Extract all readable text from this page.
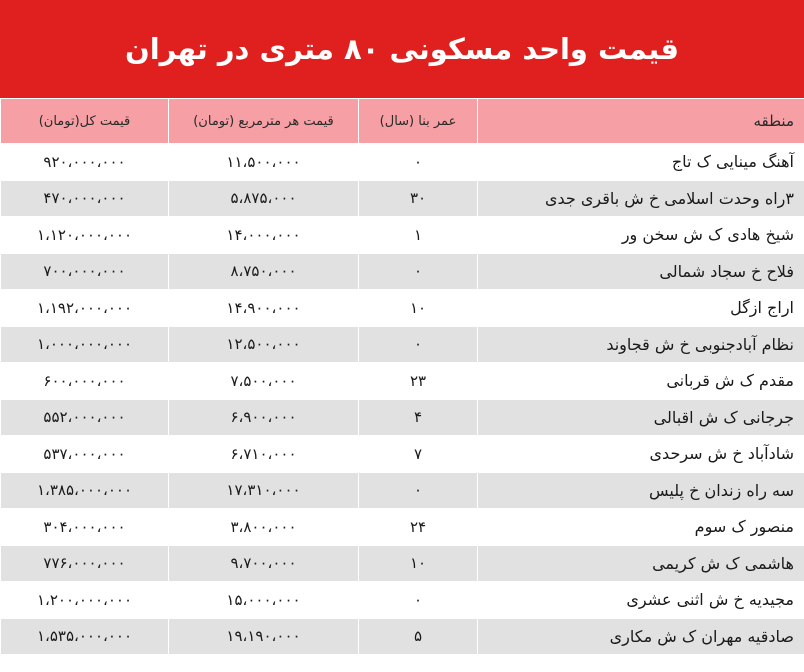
قیمت واحد مسکونی ۸۰ متری در تهران
منطقه	عمر بنا (سال)	قیمت هر مترمربع (تومان)	قیمت کل(تومان)
آهنگ مینایی ک تاج	۰	۱۱،۵۰۰،۰۰۰	۹۲۰،۰۰۰،۰۰۰
۳راه وحدت اسلامی خ ش باقری جدی	۳۰	۵،۸۷۵،۰۰۰	۴۷۰،۰۰۰،۰۰۰
شیخ هادی ک ش سخن ور	۱	۱۴،۰۰۰،۰۰۰	۱،۱۲۰،۰۰۰،۰۰۰
فلاح خ سجاد شمالی	۰	۸،۷۵۰،۰۰۰	۷۰۰،۰۰۰،۰۰۰
اراج ازگل	۱۰	۱۴،۹۰۰،۰۰۰	۱،۱۹۲،۰۰۰،۰۰۰
نظام آبادجنوبی خ ش قجاوند	۰	۱۲،۵۰۰،۰۰۰	۱،۰۰۰،۰۰۰،۰۰۰
مقدم ک ش قربانی	۲۳	۷،۵۰۰،۰۰۰	۶۰۰،۰۰۰،۰۰۰
جرجانی ک ش اقبالی	۴	۶،۹۰۰،۰۰۰	۵۵۲،۰۰۰،۰۰۰
شادآباد خ ش سرحدی	۷	۶،۷۱۰،۰۰۰	۵۳۷،۰۰۰،۰۰۰
سه راه زندان خ پلیس	۰	۱۷،۳۱۰،۰۰۰	۱،۳۸۵،۰۰۰،۰۰۰
منصور ک سوم	۲۴	۳،۸۰۰،۰۰۰	۳۰۴،۰۰۰،۰۰۰
هاشمی ک ش کریمی	۱۰	۹،۷۰۰،۰۰۰	۷۷۶،۰۰۰،۰۰۰
مجیدیه خ ش اثنی عشری	۰	۱۵،۰۰۰،۰۰۰	۱،۲۰۰،۰۰۰،۰۰۰
صادقیه مهران ک ش مکاری	۵	۱۹،۱۹۰،۰۰۰	۱،۵۳۵،۰۰۰،۰۰۰
